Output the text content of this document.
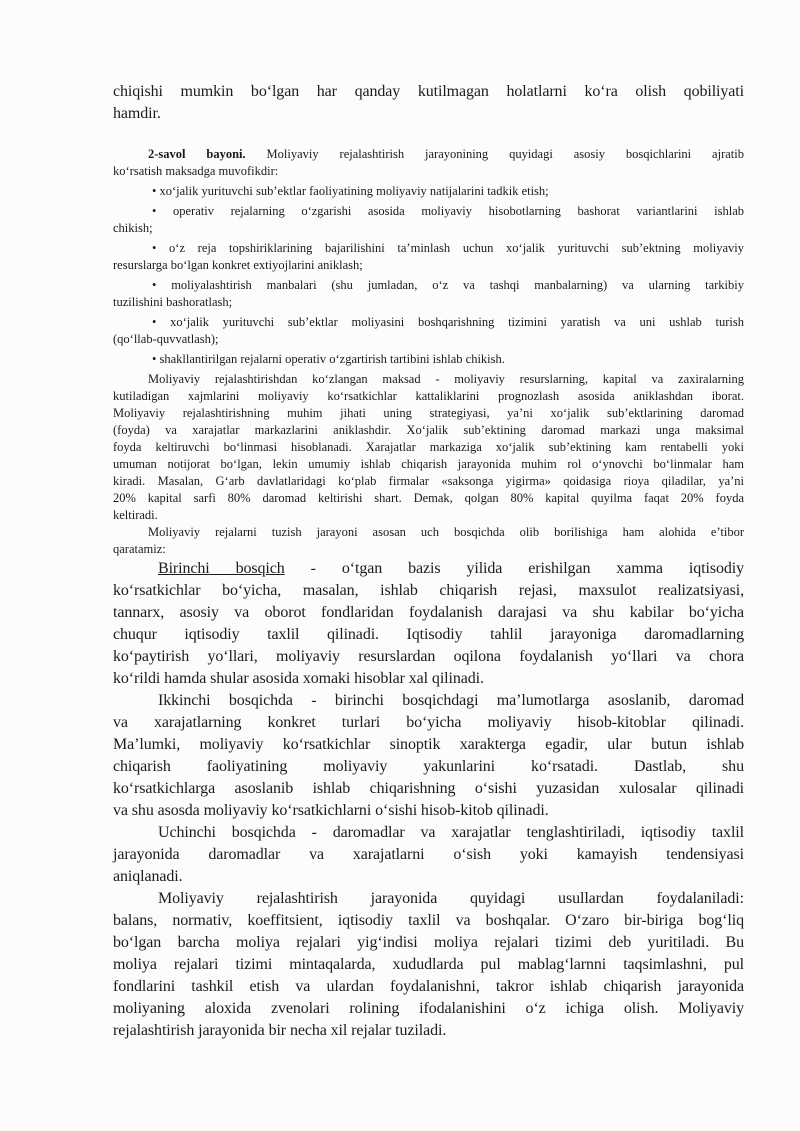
chiqishi mumkin bo‘lgan har qanday kutilmagan holatlarni ko‘ra olish qobiliyati
hamdir.
2-savol bayoni. Moliyaviy rejalashtirish jarayonining quyidagi asosiy bosqichlarini ajratib
ko‘rsatish maksadga muvofikdir:
• xo‘jalik yurituvchi sub’ektlar faoliyatining moliyaviy natijalarini tadkik etish;
• operativ rejalarning o‘zgarishi asosida moliyaviy hisobotlarning bashorat variantlarini ishlab
chikish;
• o‘z reja topshiriklarining bajarilishini ta’minlash uchun xo‘jalik yurituvchi sub’ektning moliyaviy
resurslarga bo‘lgan konkret extiyojlarini aniklash;
• moliyalashtirish manbalari (shu jumladan, o‘z va tashqi manbalarning) va ularning tarkibiy
tuzilishini bashoratlash;
• xo‘jalik yurituvchi sub’ektlar moliyasini boshqarishning tizimini yaratish va uni ushlab turish
(qo‘llab-quvvatlash);
• shakllantirilgan rejalarni operativ o‘zgartirish tartibini ishlab chikish.
Moliyaviy rejalashtirishdan ko‘zlangan maksad - moliyaviy resurslarning, kapital va zaxiralarning
kutiladigan xajmlarini moliyaviy ko‘rsatkichlar kattaliklarini prognozlash asosida aniklashdan iborat.
Moliyaviy rejalashtirishning muhim jihati uning strategiyasi, ya’ni xo‘jalik sub’ektlarining daromad
(foyda) va xarajatlar markazlarini aniklashdir. Xo‘jalik sub’ektining daromad markazi unga maksimal
foyda keltiruvchi bo‘linmasi hisoblanadi. Xarajatlar markaziga xo‘jalik sub’ektining kam rentabelli yoki
umuman notijorat bo‘lgan, lekin umumiy ishlab chiqarish jarayonida muhim rol o‘ynovchi bo‘linmalar ham
kiradi. Masalan, G‘arb davlatlaridagi ko‘plab firmalar «saksonga yigirma» qoidasiga rioya qiladilar, ya’ni
20% kapital sarfi 80% daromad keltirishi shart. Demak, qolgan 80% kapital quyilma faqat 20% foyda
keltiradi.
Moliyaviy rejalarni tuzish jarayoni asosan uch bosqichda olib borilishiga ham alohida e’tibor
qaratamiz:
Birinchi bosqich - o‘tgan bazis yilida erishilgan xamma iqtisodiy
ko‘rsatkichlar bo‘yicha, masalan, ishlab chiqarish rejasi, maxsulot realizatsiyasi,
tannarx, asosiy va oborot fondlaridan foydalanish darajasi va shu kabilar bo‘yicha
chuqur iqtisodiy taxlil qilinadi. Iqtisodiy tahlil jarayoniga daromadlarning
ko‘paytirish yo‘llari, moliyaviy resurslardan oqilona foydalanish yo‘llari va chora
ko‘rildi hamda shular asosida xomaki hisoblar xal qilinadi.
Ikkinchi bosqichda - birinchi bosqichdagi ma’lumotlarga asoslanib, daromad
va xarajatlarning konkret turlari bo‘yicha moliyaviy hisob-kitoblar qilinadi.
Ma’lumki, moliyaviy ko‘rsatkichlar sinoptik xarakterga egadir, ular butun ishlab
chiqarish faoliyatining moliyaviy yakunlarini ko‘rsatadi. Dastlab, shu
ko‘rsatkichlarga asoslanib ishlab chiqarishning o‘sishi yuzasidan xulosalar qilinadi
va shu asosda moliyaviy ko‘rsatkichlarni o‘sishi hisob-kitob qilinadi.
Uchinchi bosqichda - daromadlar va xarajatlar tenglashtiriladi, iqtisodiy taxlil
jarayonida daromadlar va xarajatlarni o‘sish yoki kamayish tendensiyasi
aniqlanadi.
Moliyaviy rejalashtirish jarayonida quyidagi usullardan foydalaniladi:
balans, normativ, koeffitsient, iqtisodiy taxlil va boshqalar. O‘zaro bir-biriga bog‘liq
bo‘lgan barcha moliya rejalari yig‘indisi moliya rejalari tizimi deb yuritiladi. Bu
moliya rejalari tizimi mintaqalarda, xududlarda pul mablag‘larnni taqsimlashni, pul
fondlarini tashkil etish va ulardan foydalanishni, takror ishlab chiqarish jarayonida
moliyaning aloxida zvenolari rolining ifodalanishini o‘z ichiga olish. Moliyaviy
rejalashtirish jarayonida bir necha xil rejalar tuziladi.
